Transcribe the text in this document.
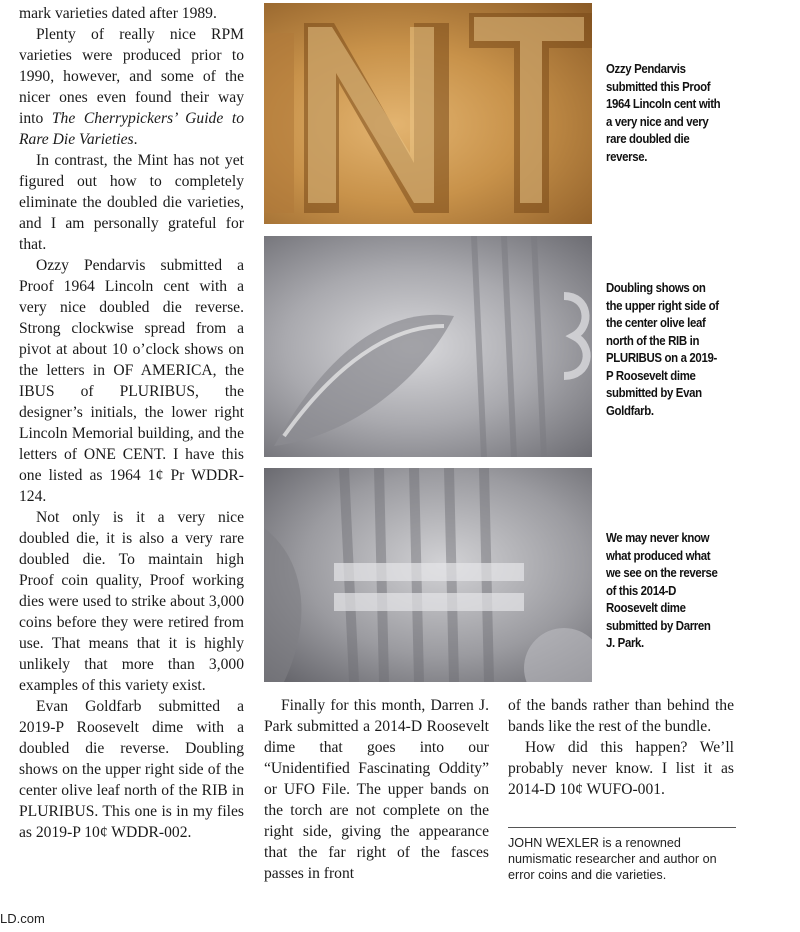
mark varieties dated after 1989.

Plenty of really nice RPM varieties were produced prior to 1990, however, and some of the nicer ones even found their way into The Cherrypickers’ Guide to Rare Die Varieties.

In contrast, the Mint has not yet figured out how to completely eliminate the doubled die varieties, and I am personally grateful for that.

Ozzy Pendarvis submitted a Proof 1964 Lincoln cent with a very nice doubled die reverse. Strong clockwise spread from a pivot at about 10 o’clock shows on the letters in OF AMERICA, the IBUS of PLURIBUS, the designer’s initials, the lower right Lincoln Memorial building, and the letters of ONE CENT. I have this one listed as 1964 1¢ Pr WDDR-124.

Not only is it a very nice doubled die, it is also a very rare doubled die. To maintain high Proof coin quality, Proof working dies were used to strike about 3,000 coins before they were retired from use. That means that it is highly unlikely that more than 3,000 examples of this variety exist.

Evan Goldfarb submitted a 2019-P Roosevelt dime with a doubled die reverse. Doubling shows on the upper right side of the center olive leaf north of the RIB in PLURIBUS. This one is in my files as 2019-P 10¢ WDDR-002.

Ozzy Pendarvis submitted this Proof 1964 Lincoln cent with a very nice and very rare doubled die reverse.
Doubling shows on the upper right side of the center olive leaf north of the RIB in PLURIBUS on a 2019-P Roosevelt dime submitted by Evan Goldfarb.
We may never know what produced what we see on the reverse of this 2014-D Roosevelt dime submitted by Darren J. Park.

Finally for this month, Darren J. Park submitted a 2014-D Roosevelt dime that goes into our “Unidentified Fascinating Oddity” or UFO File. The upper bands on the torch are not complete on the right side, giving the appearance that the far right of the fasces passes in front

of the bands rather than behind the bands like the rest of the bundle.

How did this happen? We’ll probably never know. I list it as 2014-D 10¢ WUFO-001.

JOHN WEXLER is a renowned numismatic researcher and author on error coins and die varieties.
LD.com
